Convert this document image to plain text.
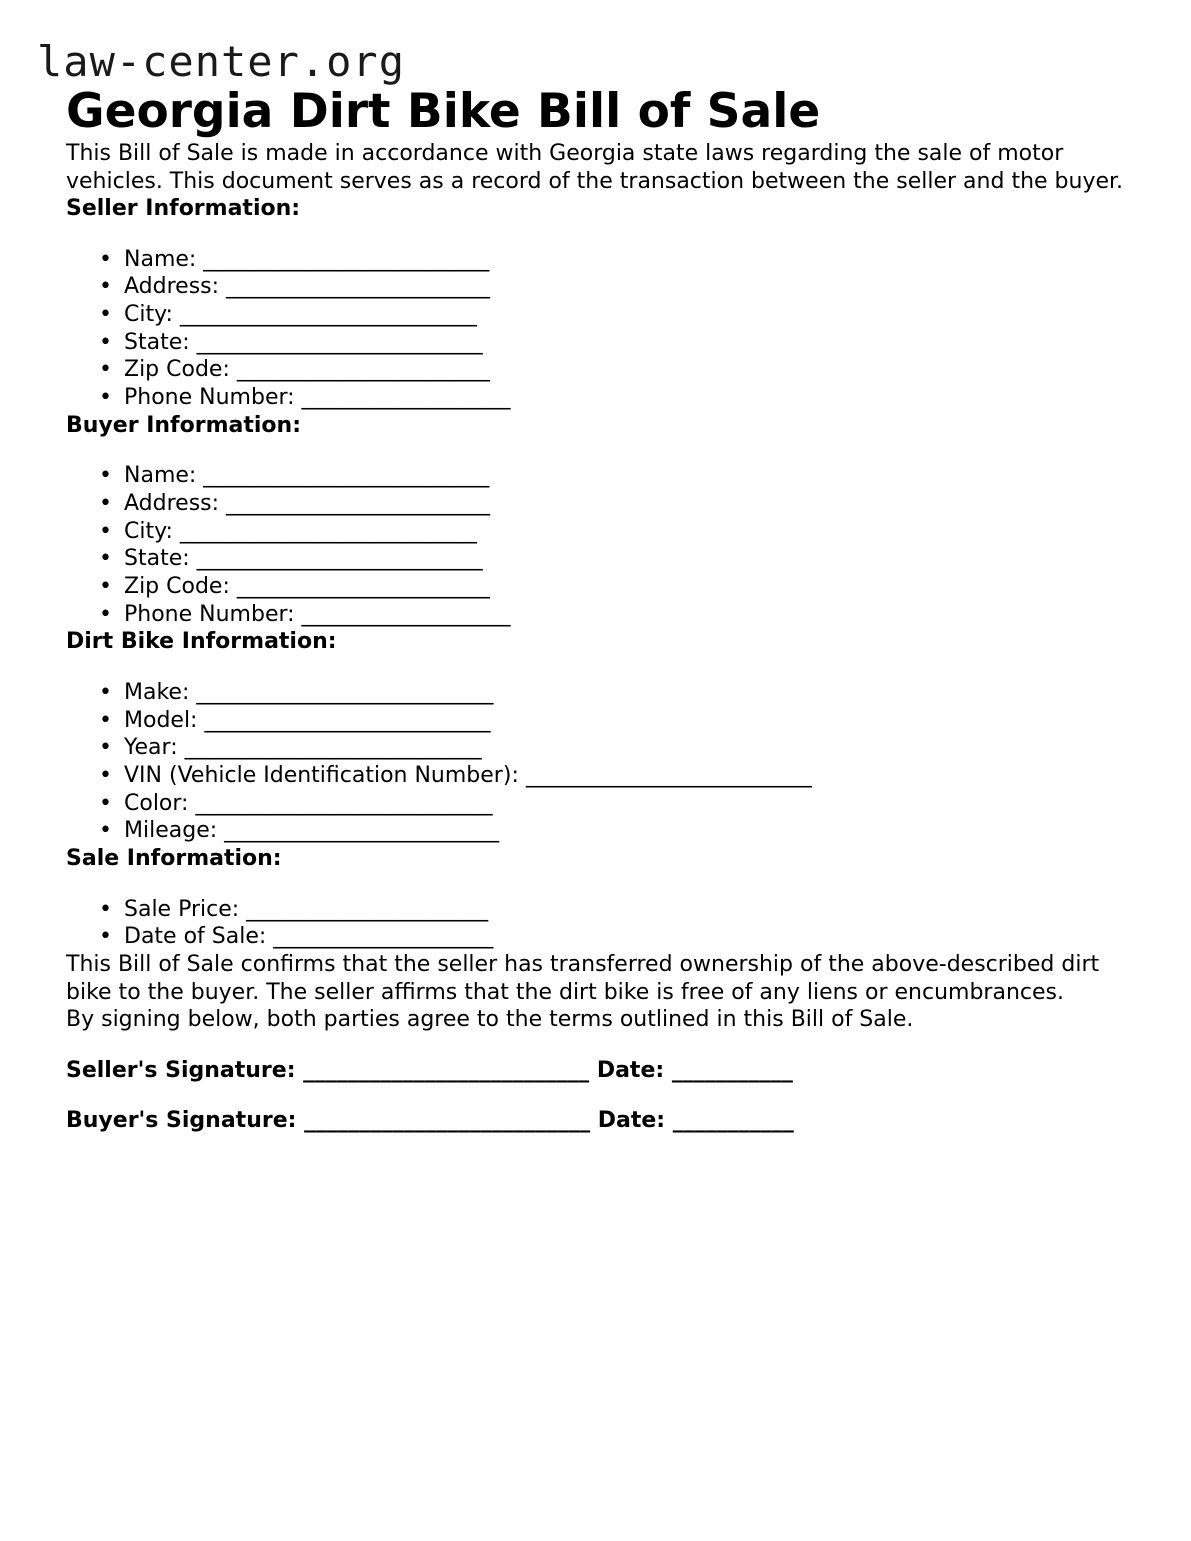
law-center.org
Georgia Dirt Bike Bill of Sale

This Bill of Sale is made in accordance with Georgia state laws regarding the sale of motor vehicles. This document serves as a record of the transaction between the seller and the buyer.

Seller Information:
• Name: __________________________
• Address: ________________________
• City: ___________________________
• State: __________________________
• Zip Code: _______________________
• Phone Number: ___________________
Buyer Information:
• Name: __________________________
• Address: ________________________
• City: ___________________________
• State: __________________________
• Zip Code: _______________________
• Phone Number: ___________________
Dirt Bike Information:
• Make: ___________________________
• Model: __________________________
• Year: ___________________________
• VIN (Vehicle Identification Number): __________________________
• Color: ___________________________
• Mileage: _________________________
Sale Information:
• Sale Price: ______________________
• Date of Sale: ____________________

This Bill of Sale confirms that the seller has transferred ownership of the above-described dirt bike to the buyer. The seller affirms that the dirt bike is free of any liens or encumbrances.

By signing below, both parties agree to the terms outlined in this Bill of Sale.

Seller's Signature: __________________________ Date: ___________
Buyer's Signature: __________________________ Date: ___________
